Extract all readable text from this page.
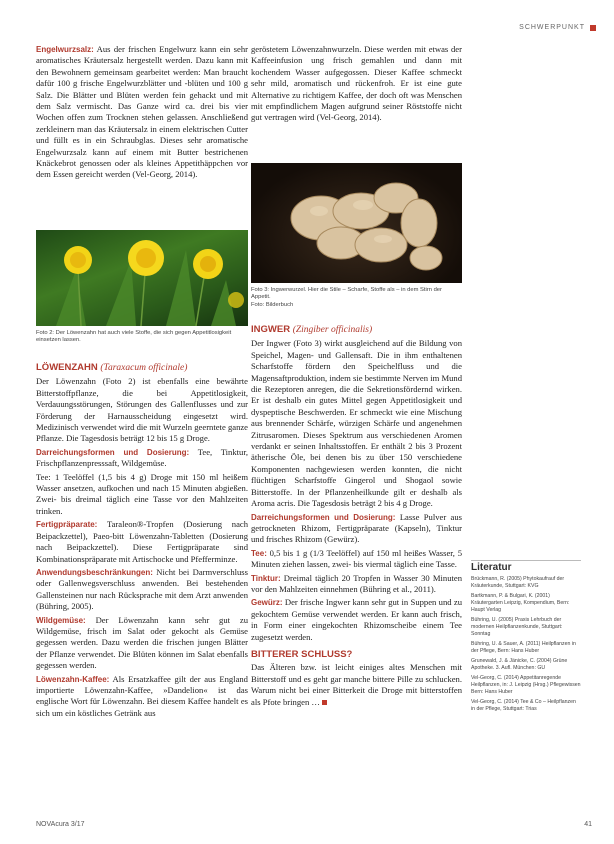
SCHWERPUNKT

Engelwurzsalz: Aus der frischen Engelwurz kann ein sehr aromatisches Kräutersalz hergestellt werden. Dazu kann mit den Bewohnern gemeinsam gearbeitet werden: Man braucht dafür 100 g frische Engelwurzblätter und -blüten und 100 g Salz. Die Blätter und Blüten werden fein gehackt und mit dem Salz vermischt. Das Ganze wird ca. drei bis vier Wochen offen zum Trocknen stehen gelassen. Anschließend zerkleinern man das Kräutersalz in einem elektrischen Cutter und füllt es in ein Schraubglas. Dieses sehr aromatische Engelwurzsalz kann auf einem mit Butter bestrichenen Knäckebrot genossen oder als kleines Appetithäppchen vor dem Essen gereicht werden (Vel-Georg, 2014).

Foto 2: Der Löwenzahn hat auch viele Stoffe, die sich gegen Appetitlosigkeit einsetzen lassen.
LÖWENZAHN (Taraxacum officinale)

Der Löwenzahn (Foto 2) ist ebenfalls eine bewährte Bitterstoffpflanze, die bei Appetitlosigkeit, Verdauungsstörungen, Störungen des Gallenflusses und zur Förderung der Harnausscheidung eingesetzt wird. Medizinisch verwendet wird die mit Wurzeln geerntete ganze Pflanze. Die Tagesdosis beträgt 12 bis 15 g Droge.

Darreichungsformen und Dosierung: Tee, Tinktur, Frischpflanzenpresssaft, Wildgemüse.

Tee: 1 Teelöffel (1,5 bis 4 g) Droge mit 150 ml heißem Wasser ansetzen, aufkochen und nach 15 Minuten abgießen. Zwei- bis dreimal täglich eine Tasse vor den Mahlzeiten trinken.

Fertigpräparate: Taraleon®-Tropfen (Dosierung nach Beipackzettel), Paeo-bitt Löwenzahn-Tabletten (Dosierung nach Beipackzettel). Diese Fertigpräparate sind Kombinationspräparate mit Artischocke und Pfefferminze.

Anwendungsbeschränkungen: Nicht bei Darmverschluss oder Gallenwegsverschluss anwenden. Bei bestehenden Gallensteinen nur nach Rücksprache mit dem Arzt anwenden (Bühring, 2005).

Wildgemüse: Der Löwenzahn kann sehr gut zu Wildgemüse, frisch im Salat oder gekocht als Gemüse gegessen werden. Dazu werden die frischen jungen Blätter der Pflanze verwendet. Die Blüten können im Salat ebenfalls gegessen werden.

Löwenzahn-Kaffee: Als Ersatzkaffee gilt der aus England importierte Löwenzahn-Kaffee, »Dandelion« ist das englische Wort für Löwenzahn. Bei diesem Kaffee handelt es sich um ein köstliches Getränk aus

geröstetem Löwenzahnwurzeln. Diese werden mit etwas der Kaffeeinfusion ung frisch gemahlen und dann mit kochendem Wasser aufgegossen. Dieser Kaffee schmeckt sehr mild, aromatisch und rückenfroh. Er ist eine gute Alternative zu richtigem Kaffee, der doch oft was Menschen mit empfindlichem Magen aufgrund seiner Röststoffe nicht gut vertragen wird (Vel-Georg, 2014).

Foto 3: Ingwerwurzel. Hier die Stile – Scharfe, Stoffe als – in dem Stirn der Appetit.
Foto: Bilderbuch
INGWER (Zingiber officinalis)

Der Ingwer (Foto 3) wirkt ausgleichend auf die Bildung von Speichel, Magen- und Gallensaft. Die in ihm enthaltenen Scharfstoffe fördern den Speichelfluss und die Magensaftproduktion, indem sie bestimmte Nerven im Mund die Rezeptoren anregen, die die Sekretionsfördernd wirken. Er ist deshalb ein gutes Mittel gegen Appetitlosigkeit und dyspeptische Beschwerden. Er schmeckt wie eine Mischung aus brennender Schärfe, würzigen Schärfe und angenehmen Zitrusaromen. Dieses Spektrum aus verschiedenen Aromen verdankt er seinen Inhaltsstoffen. Er enthält 2 bis 3 Prozent ätherische Öle, bei denen bis zu über 150 verschiedene Komponenten nachgewiesen werden konnten, die nicht flüchtigen Scharfstoffe Gingerol und Shogaol sowie Bitterstoffe. In der Pflanzenheilkunde gilt er deshalb als Aroma acris. Die Tagesdosis beträgt 2 bis 4 g Droge.

Darreichungsformen und Dosierung: Lasse Pulver aus getrockneten Rhizom, Fertigpräparate (Kapseln), Tinktur und frisches Rhizom (Gewürz).

Tee: 0,5 bis 1 g (1/3 Teelöffel) auf 150 ml heißes Wasser, 5 Minuten ziehen lassen, zwei- bis viermal täglich eine Tasse.

Tinktur: Dreimal täglich 20 Tropfen in Wasser 30 Minuten vor den Mahlzeiten einnehmen (Bühring et al., 2011).

Gewürz: Der frische Ingwer kann sehr gut in Suppen und zu gekochtem Gemüse verwendet werden. Er kann auch frisch, in Form einer eingekochten Rhizomscheibe einem Tee zugesetzt werden.

BITTERER SCHLUSS?

Das Älteren bzw. ist leicht einiges altes Menschen mit Bitterstoff und es geht gar manche bittere Pille zu schlucken. Warum nicht bei einer Bitterkeit die Droge mit bitterstoffen als Pfote bringen …

Literatur

Brückmann, R. (2005) Phytokaufrauf der Kräuterkunde, Stuttgart: KVG

Bartkmann, P. & Bulgari, K. (2001) Kräutergarten Leipzig, Kompendium, Bern: Haupt Verlag

Bühring, U. (2005) Praxis Lehrbuch der modernen Heilpflanzenkunde, Stuttgart: Sonntag

Bühring, U. & Sauer, A. (2011) Heilpflanzen in der Pflege, Bern: Hans Huber

Grunewald, J. & Jänicke, C. (2004) Grüne Apotheke. 3. Aufl. München: GU

Vel-Georg, C. (2014) Appetitanregende Heilpflanzen, in: J. Leipzig (Hrsg.) Pflegewissen Bern: Hans Huber

Vel-Georg, C. (2014) Tee & Co – Heilpflanzen in der Pflege, Stuttgart: Trias

NOVAcura 3/17	41
